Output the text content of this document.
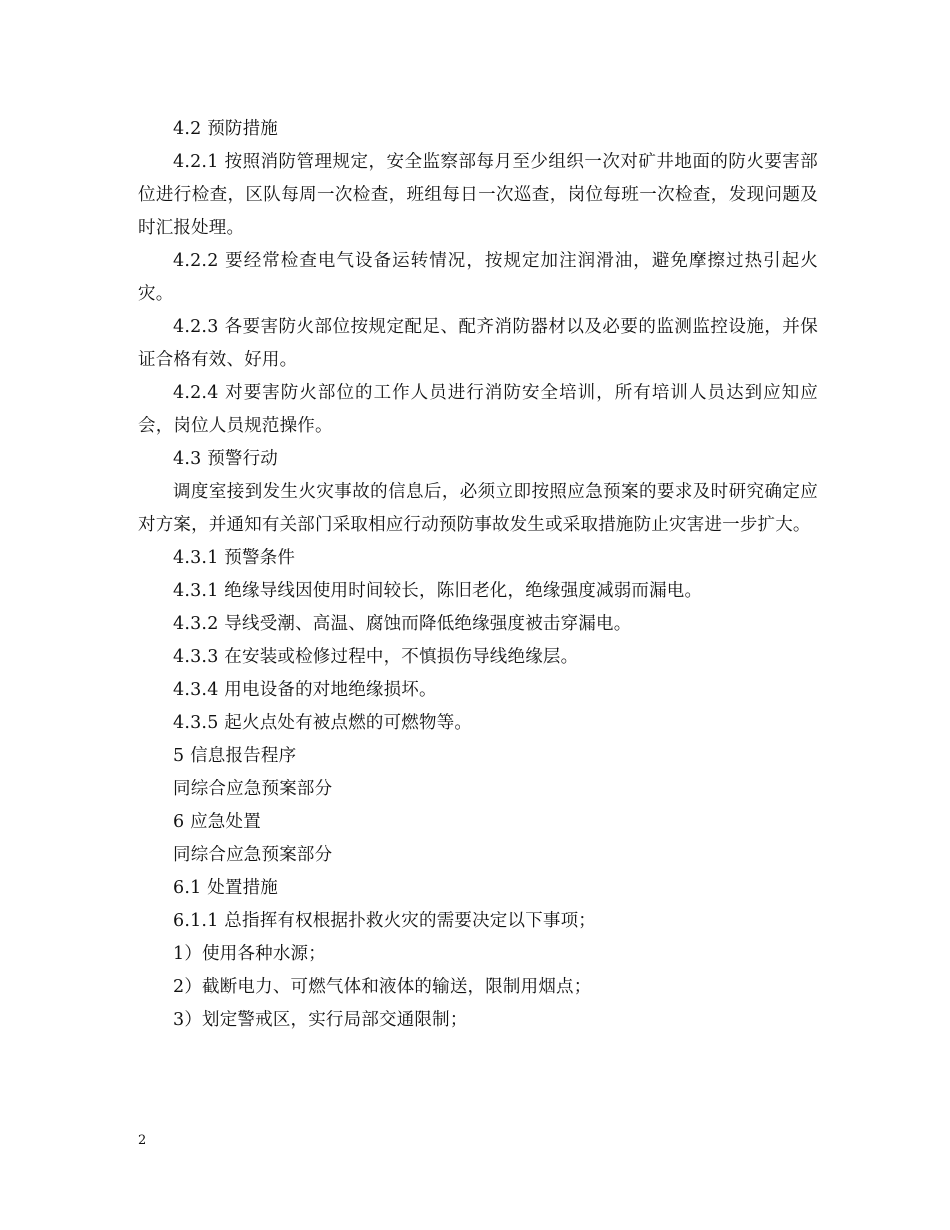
4.2 预防措施

4.2.1 按照消防管理规定，安全监察部每月至少组织一次对矿井地面的防火要害部位进行检查，区队每周一次检查，班组每日一次巡查，岗位每班一次检查，发现问题及时汇报处理。

4.2.2 要经常检查电气设备运转情况，按规定加注润滑油，避免摩擦过热引起火灾。

4.2.3 各要害防火部位按规定配足、配齐消防器材以及必要的监测监控设施，并保证合格有效、好用。

4.2.4 对要害防火部位的工作人员进行消防安全培训，所有培训人员达到应知应会，岗位人员规范操作。

4.3 预警行动

调度室接到发生火灾事故的信息后，必须立即按照应急预案的要求及时研究确定应对方案，并通知有关部门采取相应行动预防事故发生或采取措施防止灾害进一步扩大。

4.3.1 预警条件

4.3.1 绝缘导线因使用时间较长，陈旧老化，绝缘强度减弱而漏电。

4.3.2 导线受潮、高温、腐蚀而降低绝缘强度被击穿漏电。

4.3.3 在安装或检修过程中，不慎损伤导线绝缘层。

4.3.4 用电设备的对地绝缘损坏。

4.3.5 起火点处有被点燃的可燃物等。

5 信息报告程序

同综合应急预案部分

6 应急处置

同综合应急预案部分

6.1 处置措施

6.1.1 总指挥有权根据扑救火灾的需要决定以下事项；

1）使用各种水源；

2）截断电力、可燃气体和液体的输送，限制用烟点；

3）划定警戒区，实行局部交通限制；

2
